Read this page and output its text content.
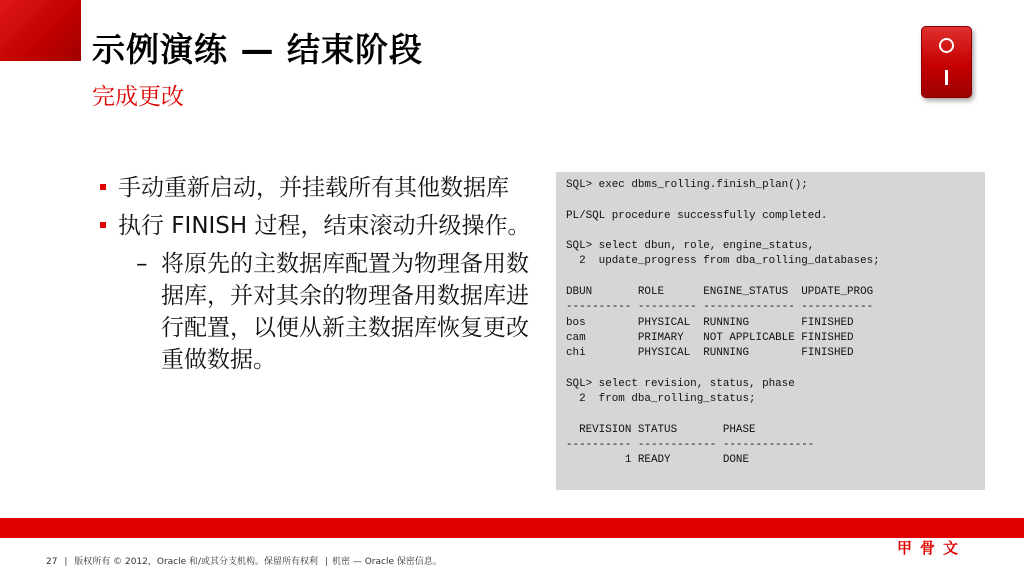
示例演练 — 结束阶段
完成更改
手动重新启动，并挂载所有其他数据库
执行 FINISH 过程，结束滚动升级操作。
– 将原先的主数据库配置为物理备用数据库，并对其余的物理备用数据库进行配置，以便从新主数据库恢复更改重做数据。
SQL> exec dbms_rolling.finish_plan();

PL/SQL procedure successfully completed.

SQL> select dbun, role, engine_status,
2  update_progress from dba_rolling_databases;

DBUN       ROLE      ENGINE_STATUS  UPDATE_PROG
---------- --------- -------------- -----------
bos        PHYSICAL  RUNNING        FINISHED
cam        PRIMARY   NOT APPLICABLE FINISHED
chi        PHYSICAL  RUNNING        FINISHED

SQL> select revision, status, phase
2  from dba_rolling_status;

REVISION STATUS       PHASE
---------- ------------ --------------
1 READY        DONE
27 | 版权所有 © 2012，Oracle 和/或其分支机构。保留所有权利 | 机密 — Oracle 保密信息。
ORACLE
甲骨文
